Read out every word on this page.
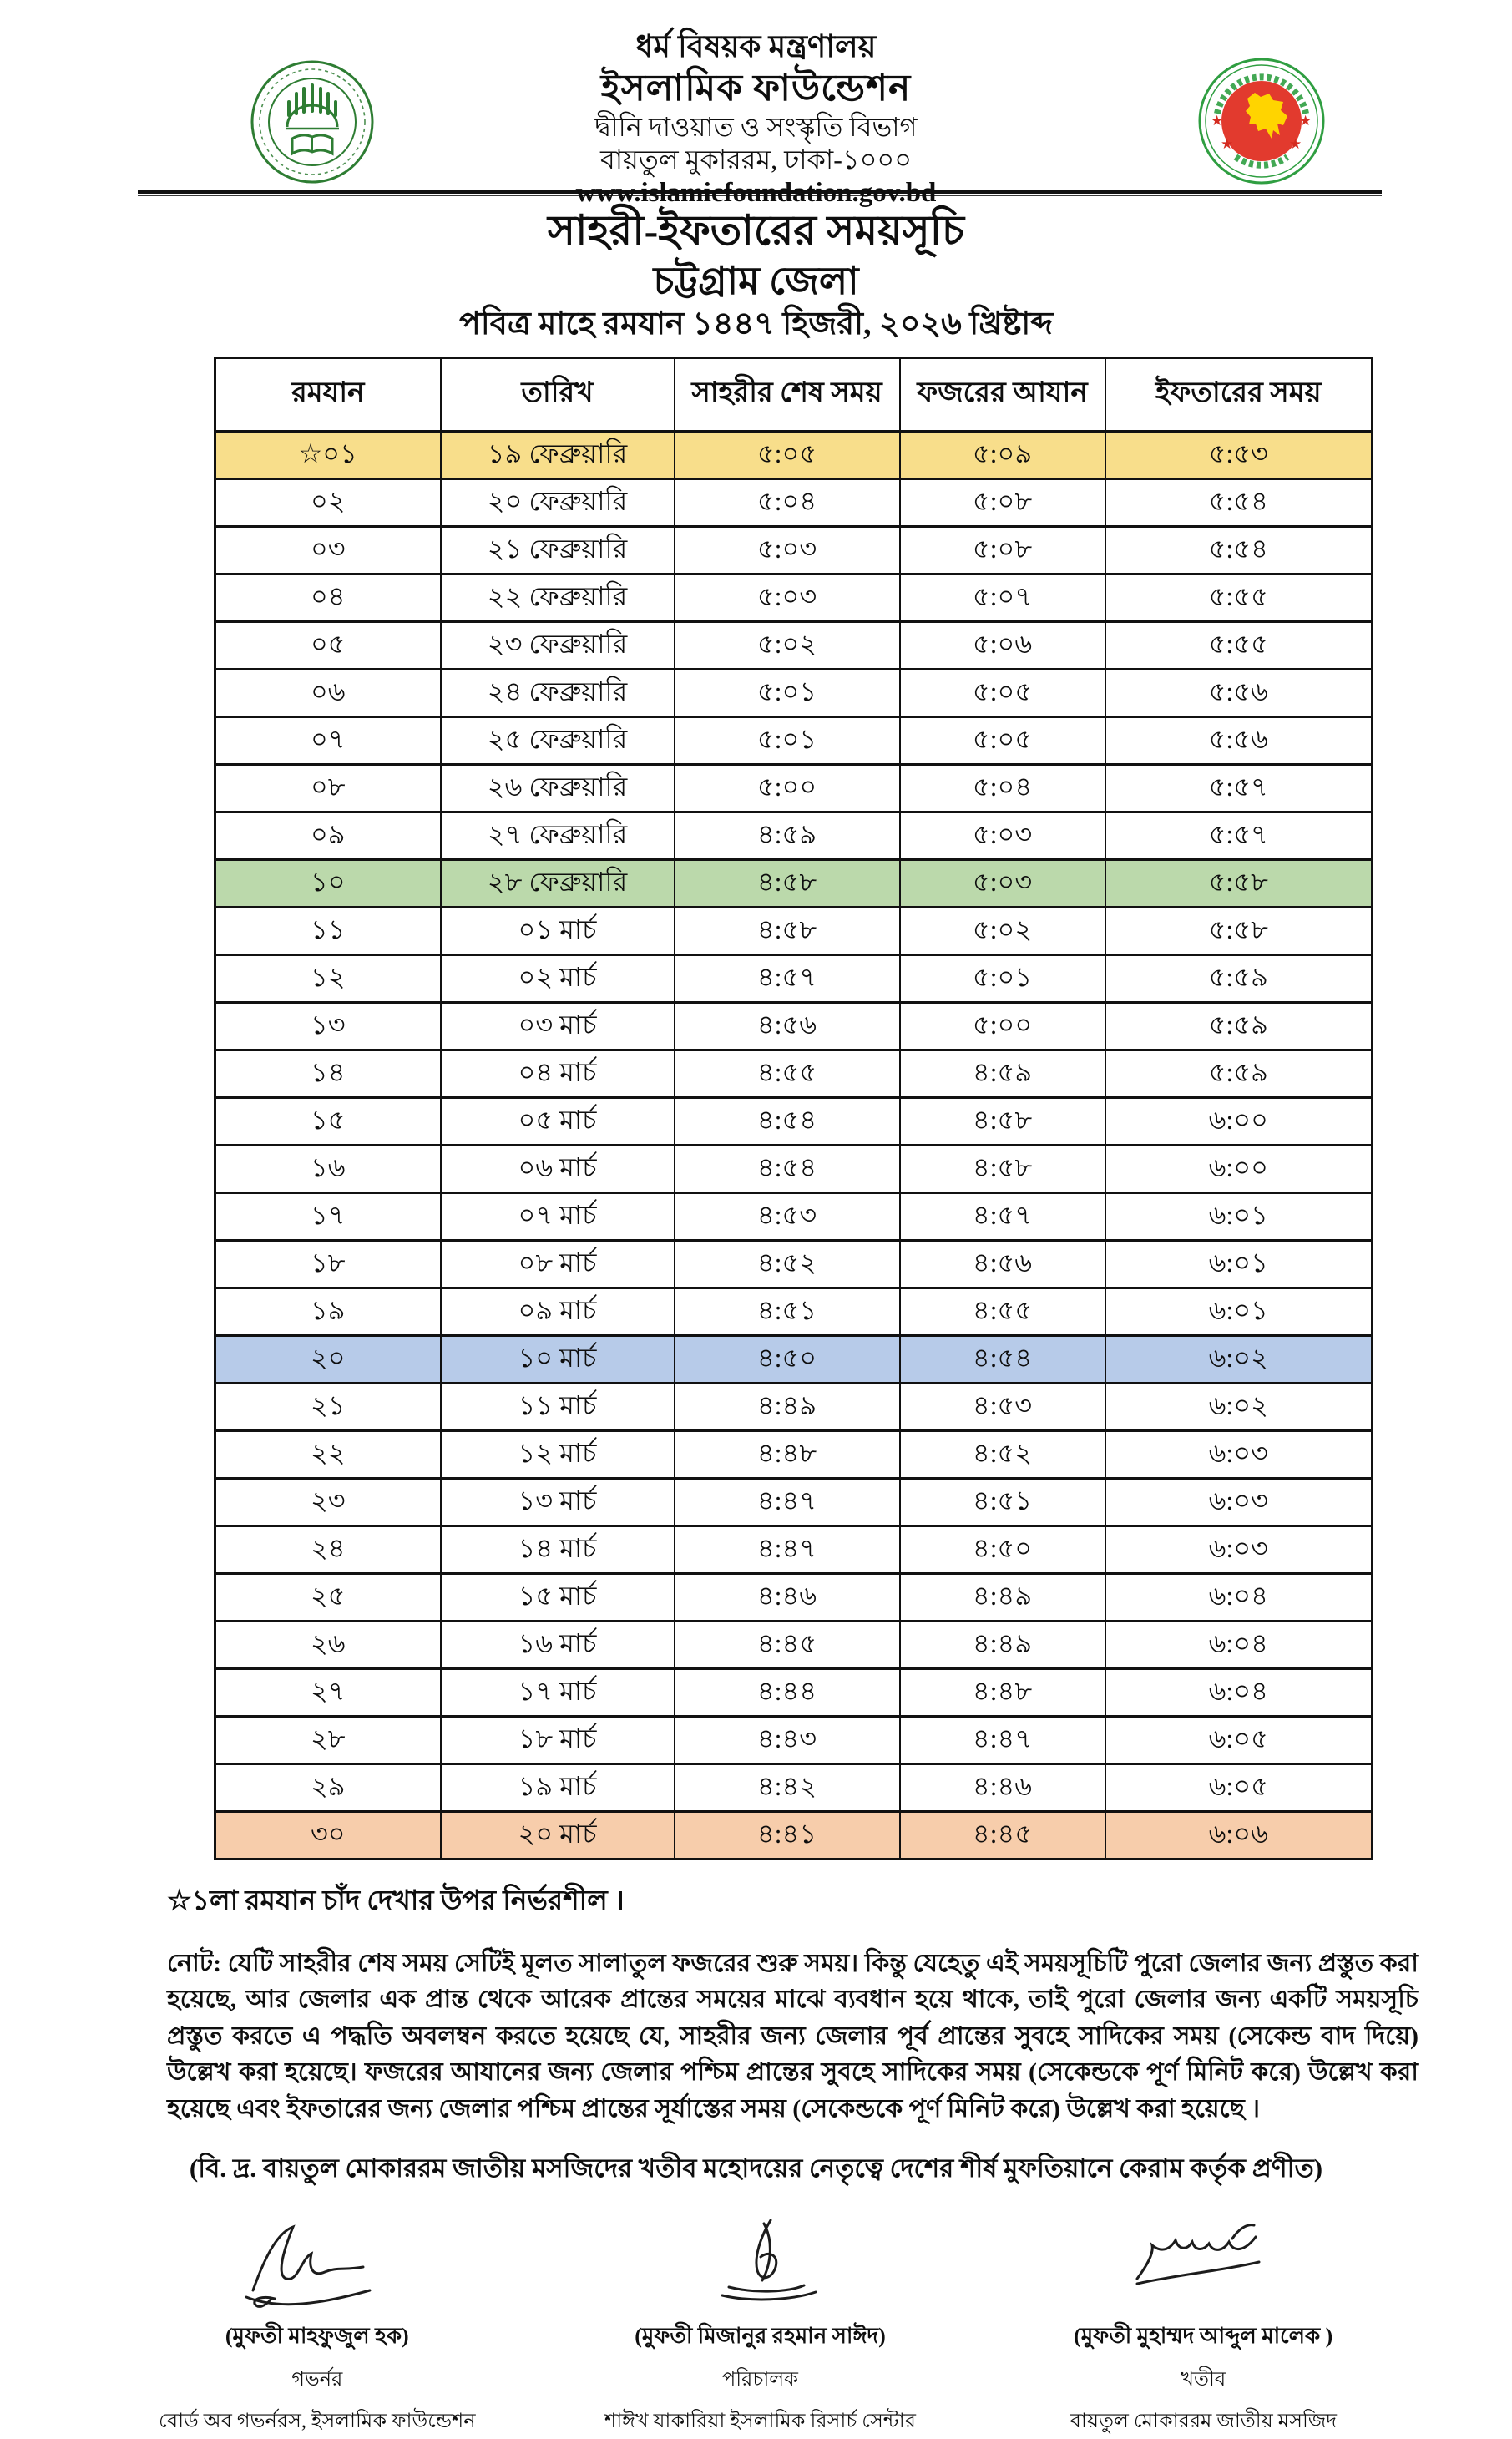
ধর্ম বিষয়ক মন্ত্রণালয়
ইসলামিক ফাউন্ডেশন
দ্বীনি দাওয়াত ও সংস্কৃতি বিভাগ
বায়তুল মুকাররম, ঢাকা-১০০০
www.islamicfoundation.gov.bd
★
★
★
★
সাহরী-ইফতারের সময়সূচি
চট্টগ্রাম জেলা
পবিত্র মাহে রমযান ১৪৪৭ হিজরী, ২০২৬ খ্রিষ্টাব্দ
রমযান	তারিখ	সাহরীর শেষ সময়	ফজরের আযান	ইফতারের সময়
☆০১	১৯ ফেব্রুয়ারি	৫:০৫	৫:০৯	৫:৫৩
০২	২০ ফেব্রুয়ারি	৫:০৪	৫:০৮	৫:৫৪
০৩	২১ ফেব্রুয়ারি	৫:০৩	৫:০৮	৫:৫৪
০৪	২২ ফেব্রুয়ারি	৫:০৩	৫:০৭	৫:৫৫
০৫	২৩ ফেব্রুয়ারি	৫:০২	৫:০৬	৫:৫৫
০৬	২৪ ফেব্রুয়ারি	৫:০১	৫:০৫	৫:৫৬
০৭	২৫ ফেব্রুয়ারি	৫:০১	৫:০৫	৫:৫৬
০৮	২৬ ফেব্রুয়ারি	৫:০০	৫:০৪	৫:৫৭
০৯	২৭ ফেব্রুয়ারি	৪:৫৯	৫:০৩	৫:৫৭
১০	২৮ ফেব্রুয়ারি	৪:৫৮	৫:০৩	৫:৫৮
১১	০১ মার্চ	৪:৫৮	৫:০২	৫:৫৮
১২	০২ মার্চ	৪:৫৭	৫:০১	৫:৫৯
১৩	০৩ মার্চ	৪:৫৬	৫:০০	৫:৫৯
১৪	০৪ মার্চ	৪:৫৫	৪:৫৯	৫:৫৯
১৫	০৫ মার্চ	৪:৫৪	৪:৫৮	৬:০০
১৬	০৬ মার্চ	৪:৫৪	৪:৫৮	৬:০০
১৭	০৭ মার্চ	৪:৫৩	৪:৫৭	৬:০১
১৮	০৮ মার্চ	৪:৫২	৪:৫৬	৬:০১
১৯	০৯ মার্চ	৪:৫১	৪:৫৫	৬:০১
২০	১০ মার্চ	৪:৫০	৪:৫৪	৬:০২
২১	১১ মার্চ	৪:৪৯	৪:৫৩	৬:০২
২২	১২ মার্চ	৪:৪৮	৪:৫২	৬:০৩
২৩	১৩ মার্চ	৪:৪৭	৪:৫১	৬:০৩
২৪	১৪ মার্চ	৪:৪৭	৪:৫০	৬:০৩
২৫	১৫ মার্চ	৪:৪৬	৪:৪৯	৬:০৪
২৬	১৬ মার্চ	৪:৪৫	৪:৪৯	৬:০৪
২৭	১৭ মার্চ	৪:৪৪	৪:৪৮	৬:০৪
২৮	১৮ মার্চ	৪:৪৩	৪:৪৭	৬:০৫
২৯	১৯ মার্চ	৪:৪২	৪:৪৬	৬:০৫
৩০	২০ মার্চ	৪:৪১	৪:৪৫	৬:০৬
☆১লা রমযান চাঁদ দেখার উপর নির্ভরশীল ।
নোট: যেটি সাহরীর শেষ সময় সেটিই মূলত সালাতুল ফজরের শুরু সময়। কিন্তু যেহেতু এই সময়সূচিটি পুরো জেলার জন্য প্রস্তুত করা হয়েছে, আর জেলার এক প্রান্ত থেকে আরেক প্রান্তের সময়ের মাঝে ব্যবধান হয়ে থাকে, তাই পুরো জেলার জন্য একটি সময়সূচি প্রস্তুত করতে এ পদ্ধতি অবলম্বন করতে হয়েছে যে, সাহরীর জন্য জেলার পূর্ব প্রান্তের সুবহে সাদিকের সময় (সেকেন্ড বাদ দিয়ে) উল্লেখ করা হয়েছে। ফজরের আযানের জন্য জেলার পশ্চিম প্রান্তের সুবহে সাদিকের সময় (সেকেন্ডকে পূর্ণ মিনিট করে) উল্লেখ করা হয়েছে এবং ইফতারের জন্য জেলার পশ্চিম প্রান্তের সূর্যাস্তের সময় (সেকেন্ডকে পূর্ণ মিনিট করে) উল্লেখ করা হয়েছে ।
(বি. দ্র. বায়তুল মোকাররম জাতীয় মসজিদের খতীব মহোদয়ের নেতৃত্বে দেশের শীর্ষ মুফতিয়ানে কেরাম কর্তৃক প্রণীত)
(মুফতী মাহফুজুল হক)
গভর্নর
বোর্ড অব গভর্নরস, ইসলামিক ফাউন্ডেশন
(মুফতী মিজানুর রহমান সাঈদ)
পরিচালক
শাঈখ যাকারিয়া ইসলামিক রিসার্চ সেন্টার
(মুফতী মুহাম্মদ আব্দুল মালেক )
খতীব
বায়তুল মোকাররম জাতীয় মসজিদ
